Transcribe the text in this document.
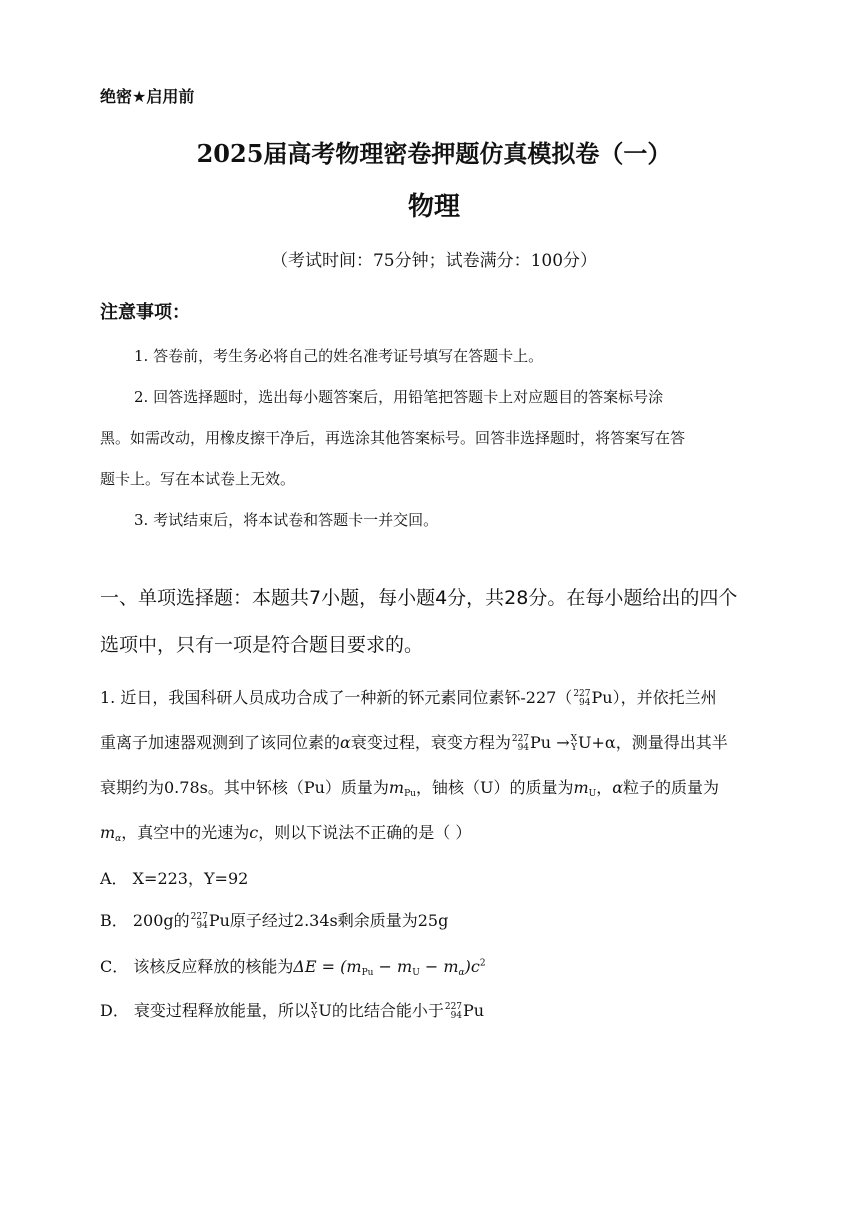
绝密★启用前
2025届高考物理密卷押题仿真模拟卷（一）
物理
（考试时间：75分钟；试卷满分：100分）
注意事项：
1. 答卷前，考生务必将自己的姓名准考证号填写在答题卡上。
2. 回答选择题时，选出每小题答案后，用铅笔把答题卡上对应题目的答案标号涂
黑。如需改动，用橡皮擦干净后，再选涂其他答案标号。回答非选择题时，将答案写在答
题卡上。写在本试卷上无效。
3. 考试结束后，将本试卷和答题卡一并交回。
一、单项选择题：本题共7小题，每小题4分，共28分。在每小题给出的四个
选项中，只有一项是符合题目要求的。
1. 近日，我国科研人员成功合成了一种新的钚元素同位素钚-227（ 227
94 Pu），并依托兰州
重离子加速器观测到了该同位素的α衰变过程，衰变方程为 227
94 Pu → X
Y U+α，测量得出其半
衰期约为0.78s。其中钚核（Pu）质量为mPu，铀核（U）的质量为mU，α粒子的质量为
mα，真空中的光速为c，则以下说法不正确的是（ ）
A． X=223，Y=92
B． 200g的 227
94 Pu原子经过2.34s剩余质量为25g
C． 该核反应释放的核能为ΔE = (mPu − mU − $m\alpha)c^2$
D． 衰变过程释放能量，所以 X
Y U的比结合能小于 227
94 Pu
